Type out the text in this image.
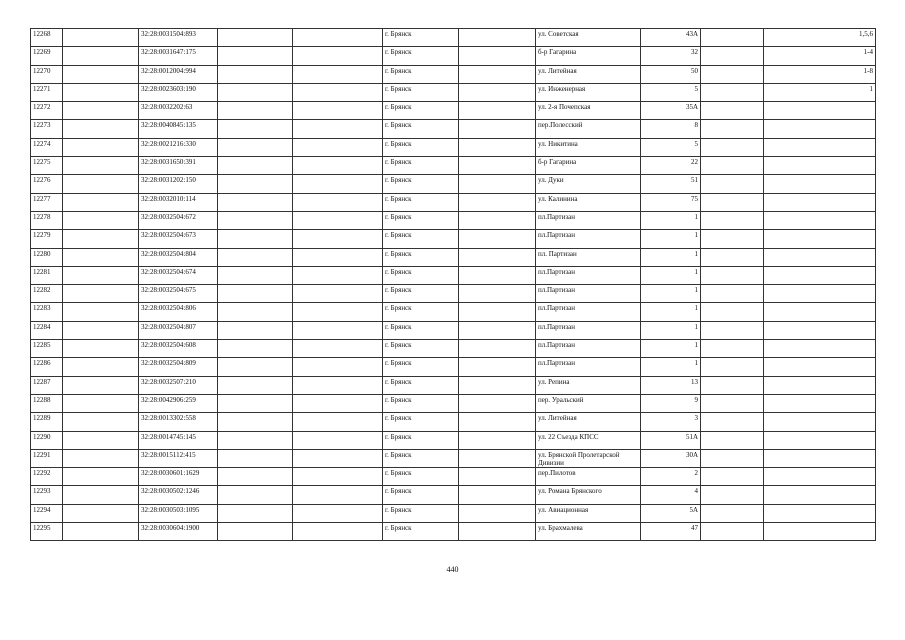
12268		32:28:0031504:893			г. Брянск		ул. Советская	43А		1,5,6
12269		32:28:0031647:175			г. Брянск		б-р Гагарина	32		1-4
12270		32:28:0012004:994			г. Брянск		ул. Литейная	50		1-8
12271		32:28:0023603:190			г. Брянск		ул. Инженерная	5		1
12272		32:28:0032202:63			г. Брянск		ул. 2-я Почепская	35А		
12273		32:28:0040845:135			г. Брянск		пер.Полесский	8		
12274		32:28:0021216:330			г. Брянск		ул. Никитина	5		
12275		32:28:0031650:391			г. Брянск		б-р Гагарина	22		
12276		32:28:0031202:150			г. Брянск		ул. Дуки	51		
12277		32:28:0032010:114			г. Брянск		ул. Калинина	75		
12278		32:28:0032504:672			г. Брянск		пл.Партизан	1		
12279		32:28:0032504:673			г. Брянск		пл.Партизан	1		
12280		32:28:0032504:804			г. Брянск		пл. Партизан	1		
12281		32:28:0032504:674			г. Брянск		пл.Партизан	1		
12282		32:28:0032504:675			г. Брянск		пл.Партизан	1		
12283		32:28:0032504:806			г. Брянск		пл.Партизан	1		
12284		32:28:0032504:807			г. Брянск		пл.Партизан	1		
12285		32:28:0032504:608			г. Брянск		пл.Партизан	1		
12286		32:28:0032504:809			г. Брянск		пл.Партизан	1		
12287		32:28:0032507:210			г. Брянск		ул. Репина	13		
12288		32:28:0042906:259			г. Брянск		пер. Уральский	9		
12289		32:28:0013302:558			г. Брянск		ул. Литейная	3		
12290		32:28:0014745:145			г. Брянск		ул. 22 Съезда КПСС	51А		
12291		32:28:0015112:415			г. Брянск		ул. Брянской Пролетарской Дивизии	30А		
12292		32:28:0030601:1629			г. Брянск		пер.Пилотов	2		
12293		32:28:0030502:1246			г. Брянск		ул. Романа Брянского	4		
12294		32:28:0030503:1095			г. Брянск		ул. Авиационная	5А		
12295		32:28:0030604:1900			г. Брянск		ул. Брахмалева	47		
440
